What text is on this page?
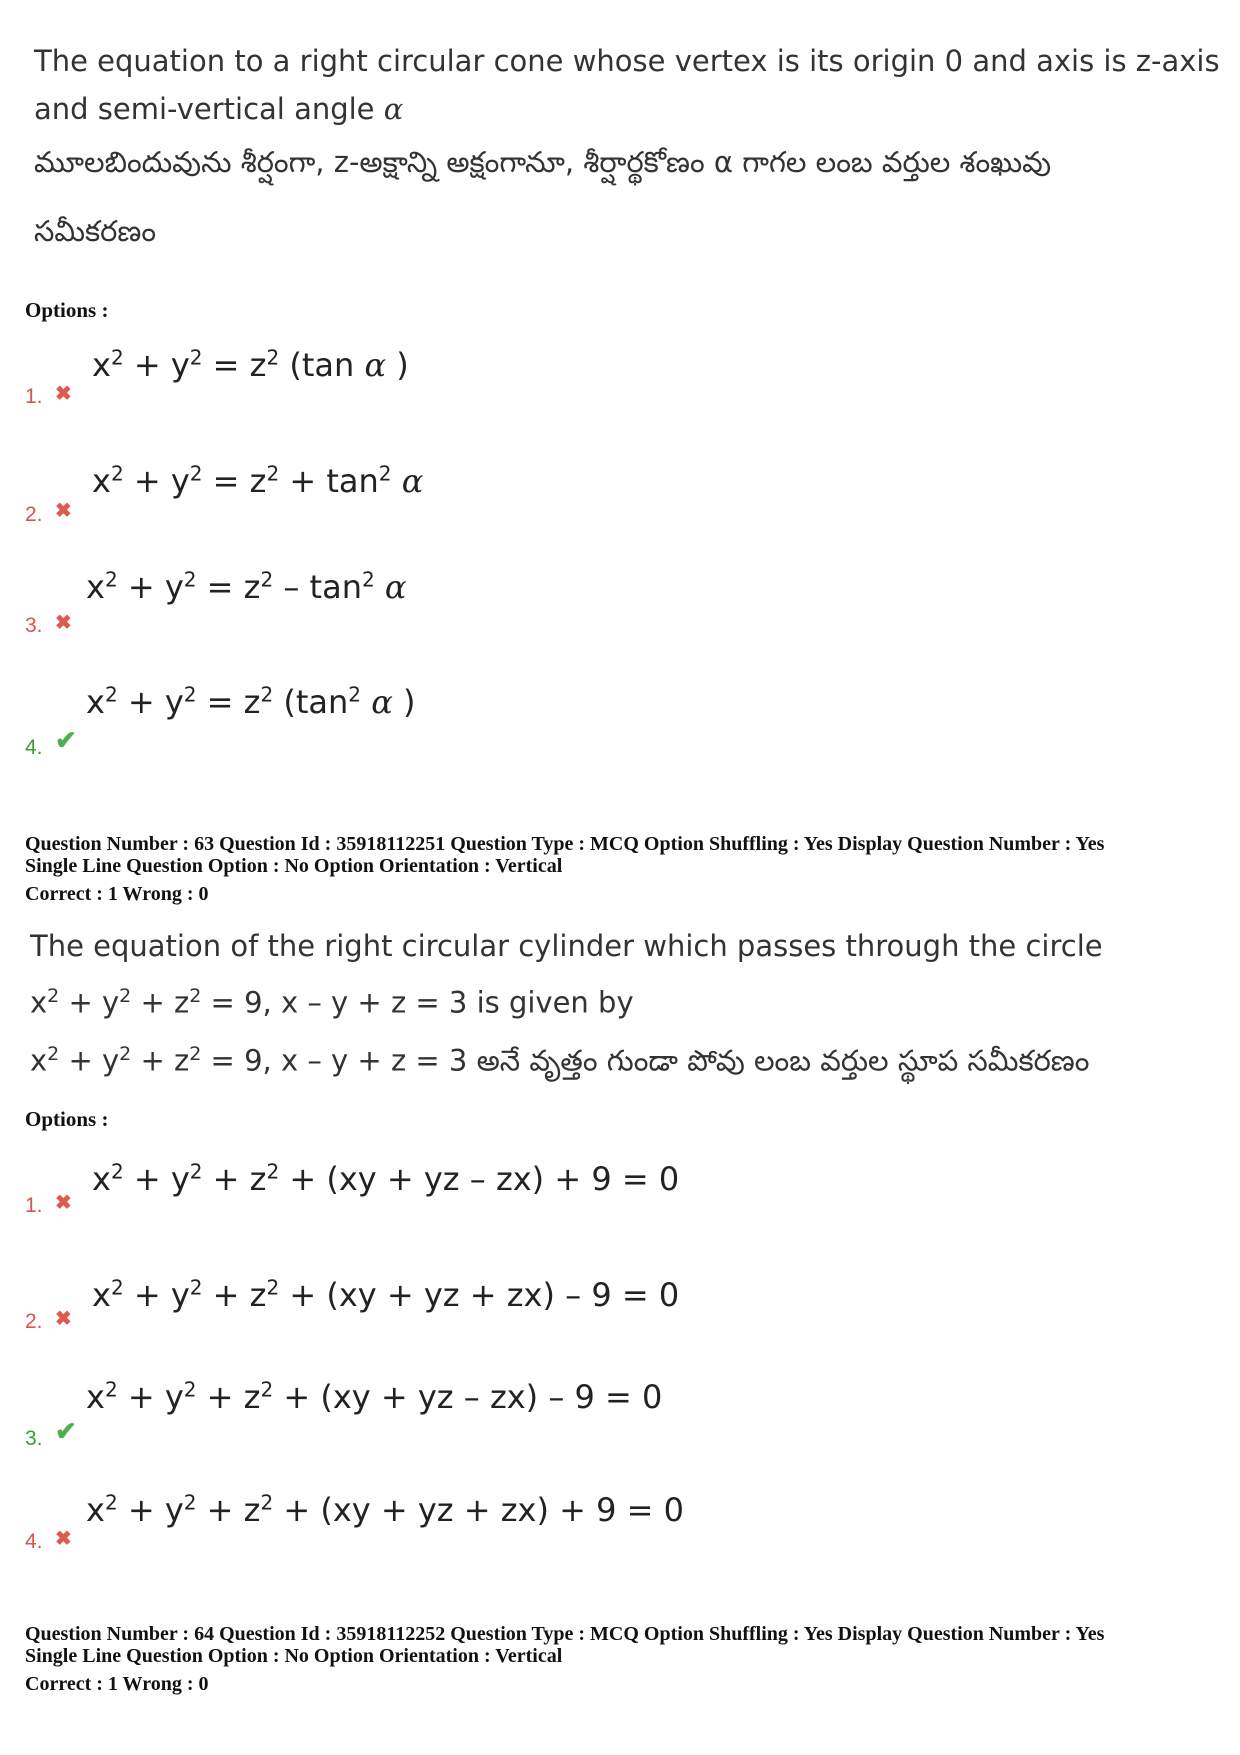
The equation to a right circular cone whose vertex is its origin 0 and axis is z-axis
and semi-vertical angle α
మూలబిందువును శీర్షంగా, z-అక్షాన్ని అక్షంగానూ, శీర్షార్థకోణం α గాగల లంబ వర్తుల శంఖువు
సమీకరణం
Options :
$x^2 + y^2 = z^2$ (tan α )
1. ✖
$x^2 + y^2 = z^2 + \tan^2 \alpha$
2. ✖
$x^2 + y^2 = z^2 - \tan^2 \alpha$
3. ✖
$x^2 + y^2 = z^2$ ($\tan^2$ α )
4. ✔
Question Number : 63 Question Id : 35918112251 Question Type : MCQ Option Shuffling : Yes Display Question Number : Yes
Single Line Question Option : No Option Orientation : Vertical
Correct : 1 Wrong : 0
The equation of the right circular cylinder which passes through the circle
$x^2 + y^2 + z^2 = 9$, x – y + z = 3 is given by
$x^2 + y^2 + z^2 = 9$, x – y + z = 3 అనే వృత్తం గుండా పోవు లంబ వర్తుల స్థూప సమీకరణం
Options :
$x^2 + y^2 + z^2 + (xy$ + yz – zx) + 9 = 0
1. ✖
$x^2 + y^2 + z^2 + (xy$ + yz + zx) – 9 = 0
2. ✖
$x^2 + y^2 + z^2 + (xy$ + yz – zx) – 9 = 0
3. ✔
$x^2 + y^2 + z^2 + (xy$ + yz + zx) + 9 = 0
4. ✖
Question Number : 64 Question Id : 35918112252 Question Type : MCQ Option Shuffling : Yes Display Question Number : Yes
Single Line Question Option : No Option Orientation : Vertical
Correct : 1 Wrong : 0
